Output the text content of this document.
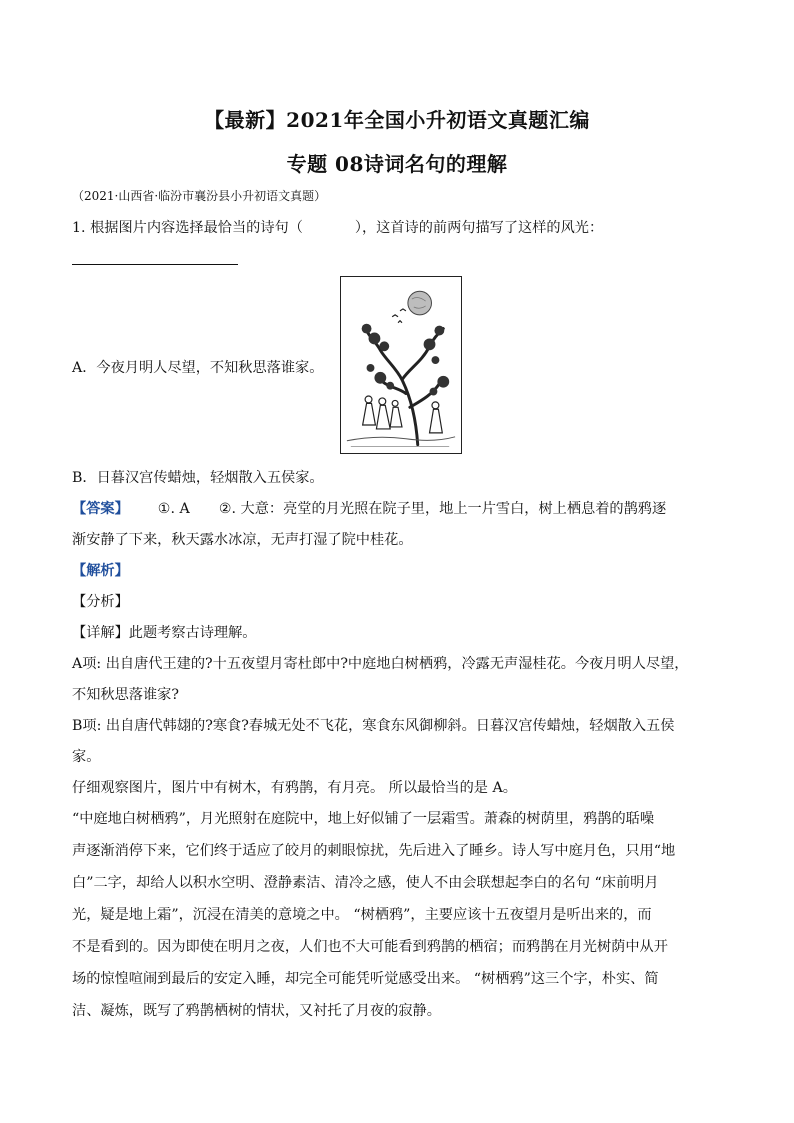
【最新】2021年全国小升初语文真题汇编
专题 08诗词名句的理解
（2021·山西省·临汾市襄汾县小升初语文真题）
1. 根据图片内容选择最恰当的诗句（	），这首诗的前两句描写了这样的风光：
A．今夜月明人尽望，不知秋思落谁家。
B．日暮汉宫传蜡烛，轻烟散入五侯家。
【答案】 ①. A ②. 大意：亮堂的月光照在院子里，地上一片雪白，树上栖息着的鹊鸦逐
渐安静了下来，秋天露水冰凉，无声打湿了院中桂花。
【解析】
【分析】
【详解】此题考察古诗理解。
A项: 出自唐代王建的?十五夜望月寄杜郎中?中庭地白树栖鸦，冷露无声湿桂花。今夜月明人尽望，
不知秋思落谁家?
B项: 出自唐代韩翃的?寒食?春城无处不飞花，寒食东风御柳斜。日暮汉宫传蜡烛，轻烟散入五侯
家。
仔细观察图片，图片中有树木，有鸦鹊，有月亮。 所以最恰当的是 A。
“中庭地白树栖鸦”，月光照射在庭院中，地上好似铺了一层霜雪。萧森的树荫里，鸦鹊的聒噪
声逐渐消停下来，它们终于适应了皎月的刺眼惊扰，先后进入了睡乡。诗人写中庭月色，只用“地
白”二字，却给人以积水空明、澄静素洁、清冷之感，使人不由会联想起李白的名句 “床前明月
光，疑是地上霜”，沉浸在清美的意境之中。 “树栖鸦”，主要应该十五夜望月是听出来的，而
不是看到的。因为即使在明月之夜，人们也不大可能看到鸦鹊的栖宿；而鸦鹊在月光树荫中从开
场的惊惶喧闹到最后的安定入睡，却完全可能凭听觉感受出来。 “树栖鸦”这三个字，朴实、简
洁、凝炼，既写了鸦鹊栖树的情状，又衬托了月夜的寂静。
